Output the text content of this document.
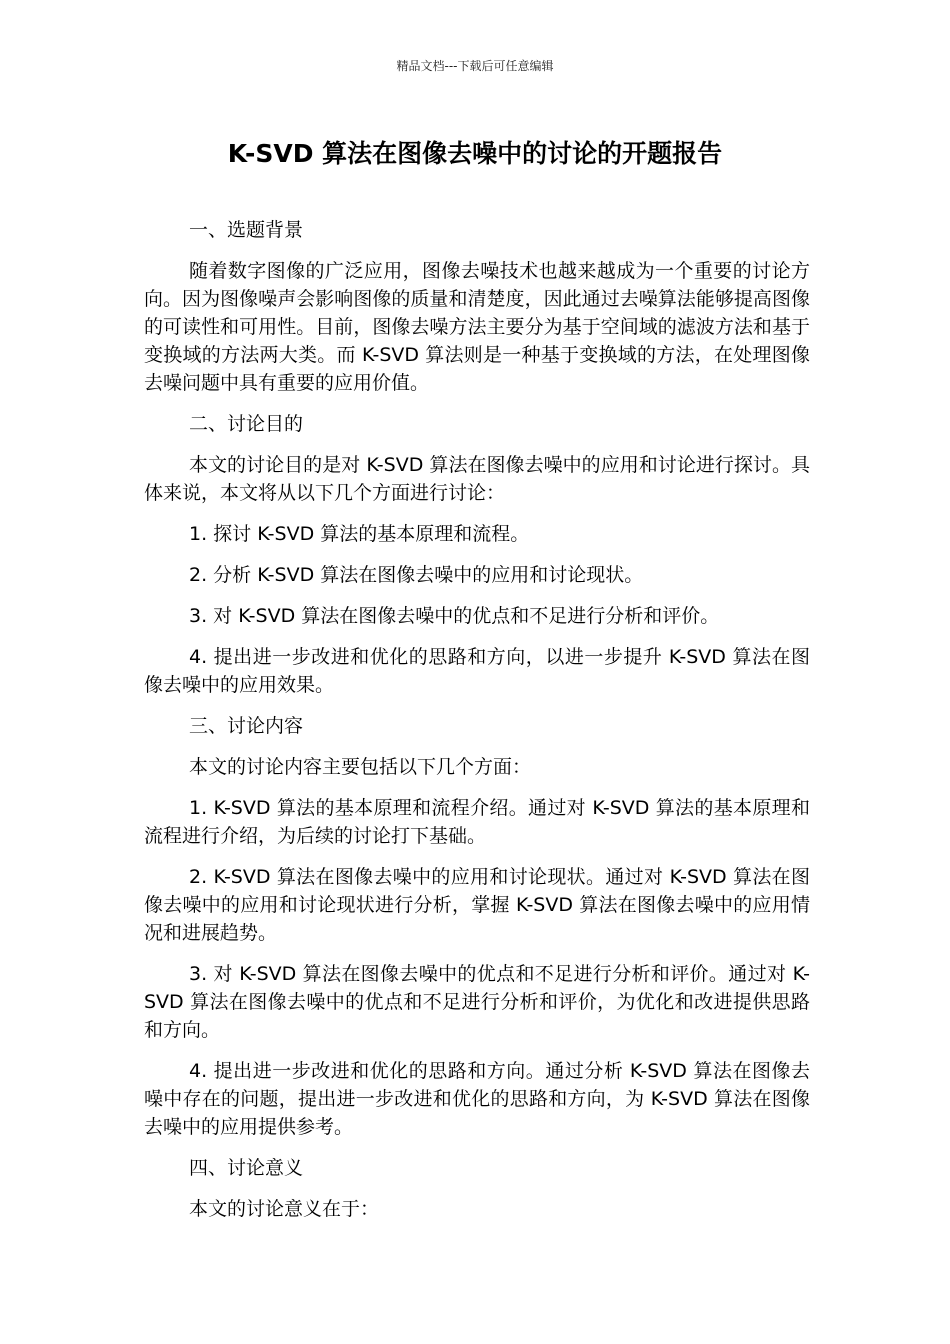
精品文档---下载后可任意编辑
K-SVD 算法在图像去噪中的讨论的开题报告

一、选题背景

随着数字图像的广泛应用，图像去噪技术也越来越成为一个重要的讨论方向。因为图像噪声会影响图像的质量和清楚度，因此通过去噪算法能够提高图像的可读性和可用性。目前，图像去噪方法主要分为基于空间域的滤波方法和基于变换域的方法两大类。而 K-SVD 算法则是一种基于变换域的方法，在处理图像去噪问题中具有重要的应用价值。

二、讨论目的

本文的讨论目的是对 K-SVD 算法在图像去噪中的应用和讨论进行探讨。具体来说，本文将从以下几个方面进行讨论：

1. 探讨 K-SVD 算法的基本原理和流程。

2. 分析 K-SVD 算法在图像去噪中的应用和讨论现状。

3. 对 K-SVD 算法在图像去噪中的优点和不足进行分析和评价。

4. 提出进一步改进和优化的思路和方向，以进一步提升 K-SVD 算法在图像去噪中的应用效果。

三、讨论内容

本文的讨论内容主要包括以下几个方面：

1. K-SVD 算法的基本原理和流程介绍。通过对 K-SVD 算法的基本原理和流程进行介绍，为后续的讨论打下基础。

2. K-SVD 算法在图像去噪中的应用和讨论现状。通过对 K-SVD 算法在图像去噪中的应用和讨论现状进行分析，掌握 K-SVD 算法在图像去噪中的应用情况和进展趋势。

3. 对 K-SVD 算法在图像去噪中的优点和不足进行分析和评价。通过对 K-SVD 算法在图像去噪中的优点和不足进行分析和评价，为优化和改进提供思路和方向。

4. 提出进一步改进和优化的思路和方向。通过分析 K-SVD 算法在图像去噪中存在的问题，提出进一步改进和优化的思路和方向，为 K-SVD 算法在图像去噪中的应用提供参考。

四、讨论意义

本文的讨论意义在于：
